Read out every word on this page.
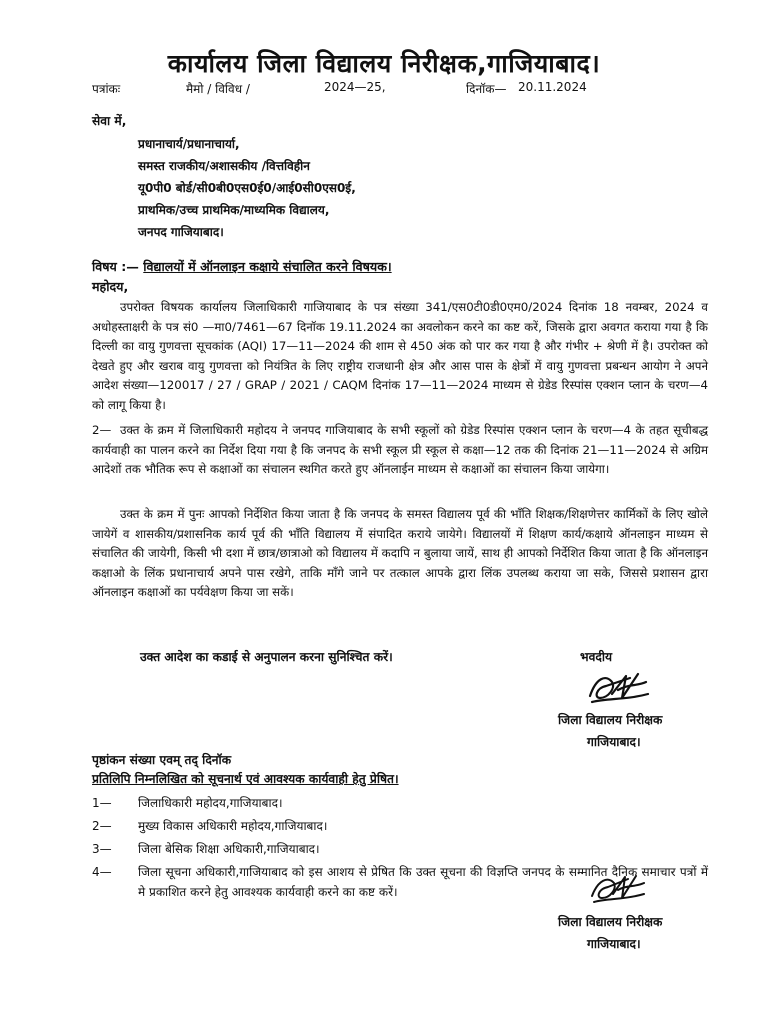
कार्यालय जिला विद्यालय निरीक्षक,गाजियाबाद।
पत्रांकः	मैमो / विविध /	2024—25,	दिनॉक— 20.11.2024
सेवा में,
प्रधानाचार्य/प्रधानाचार्या,
समस्त राजकीय/अशासकीय /वित्तविहीन
यू0पी0 बोर्ड/सी0बी0एस0ई0/आई0सी0एस0ई,
प्राथमिक/उच्च प्राथमिक/माध्यमिक विद्यालय,
जनपद गाजियाबाद।
विषय :— विद्यालयों में ऑनलाइन कक्षाये संचालित करने विषयक।
महोदय,
उपरोक्त विषयक कार्यालय जिलाधिकारी गाजियाबाद के पत्र संख्या 341/एस0टी0डी0एम0/2024 दिनांक 18 नवम्बर, 2024 व अधोहस्ताक्षरी के पत्र सं0 —मा0/7461—67 दिनॉक 19.11.2024 का अवलोकन करने का कष्ट करें, जिसके द्वारा अवगत कराया गया है कि दिल्ली का वायु गुणवत्ता सूचकांक (AQI) 17—11—2024 की शाम से 450 अंक को पार कर गया है और गंभीर + श्रेणी में है। उपरोक्त को देखते हुए और खराब वायु गुणवत्ता को नियंत्रित के लिए राष्ट्रीय राजधानी क्षेत्र और आस पास के क्षेत्रों में वायु गुणवत्ता प्रबन्धन आयोग ने अपने आदेश संख्या—120017 / 27 / GRAP / 2021 / CAQM दिनांक 17—11—2024 माध्यम से ग्रेडेड रिस्पांस एक्शन प्लान के चरण—4 को लागू किया है।
2— उक्त के क्रम में जिलाधिकारी महोदय ने जनपद गाजियाबाद के सभी स्कूलों को ग्रेडेड रिस्पांस एक्शन प्लान के चरण—4 के तहत सूचीबद्ध कार्यवाही का पालन करने का निर्देश दिया गया है कि जनपद के सभी स्कूल प्री स्कूल से कक्षा—12 तक की दिनांक 21—11—2024 से अग्रिम आदेशों तक भौतिक रूप से कक्षाओं का संचालन स्थगित करते हुए ऑनलाईन माध्यम से कक्षाओं का संचालन किया जायेगा।
उक्त के क्रम में पुनः आपको निर्देशित किया जाता है कि जनपद के समस्त विद्यालय पूर्व की भाँति शिक्षक/शिक्षणेत्तर कार्मिकों के लिए खोले जायेगें व शासकीय/प्रशासनिक कार्य पूर्व की भाँति विद्यालय में संपादित कराये जायेगे। विद्यालयों में शिक्षण कार्य/कक्षाये ऑनलाइन माध्यम से संचालित की जायेगी, किसी भी दशा में छात्र/छात्राओ को विद्यालय में कदापि न बुलाया जायें, साथ ही आपको निर्देशित किया जाता है कि ऑनलाइन कक्षाओ के लिंक प्रधानाचार्य अपने पास रखेगे, ताकि माँगे जाने पर तत्काल आपके द्वारा लिंक उपलब्ध कराया जा सके, जिससे प्रशासन द्वारा ऑनलाइन कक्षाओं का पर्यवेक्षण किया जा सकें।
उक्त आदेश का कडाई से अनुपालन करना सुनिश्चित करें।	भवदीय
जिला विद्यालय निरीक्षक
गाजियाबाद।
पृष्ठांकन संख्या एवम् तद् दिनॉक
प्रतिलिपि निम्नलिखित को सूचनार्थ एवं आवश्यक कार्यवाही हेतु प्रेषित।
1— जिलाधिकारी महोदय,गाजियाबाद।
2— मुख्य विकास अधिकारी महोदय,गाजियाबाद।
3— जिला बेसिक शिक्षा अधिकारी,गाजियाबाद।
4— जिला सूचना अधिकारी,गाजियाबाद को इस आशय से प्रेषित कि उक्त सूचना की विज्ञप्ति जनपद के सम्मानित दैनिक समाचार पत्रों में मे प्रकाशित करने हेतु आवश्यक कार्यवाही करने का कष्ट करें।
जिला विद्यालय निरीक्षक
गाजियाबाद।
